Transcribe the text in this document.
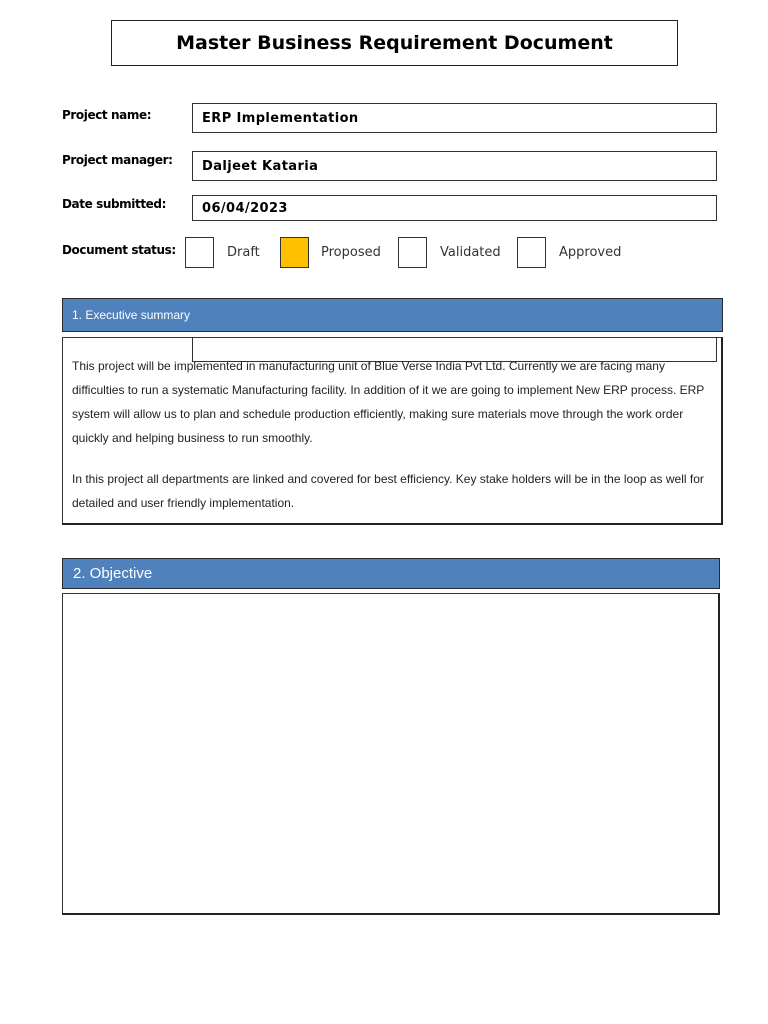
Master Business Requirement Document
Project name:	ERP Implementation
Project manager:	Daljeet Kataria
Date submitted:	06/04/2023
Document status:	Draft	Proposed	Validated	Approved
1. Executive summary

This project will be implemented in manufacturing unit of Blue Verse India Pvt Ltd. Currently we are facing many difficulties to run a systematic Manufacturing facility. In addition of it we are going to implement New ERP process. ERP system will allow us to plan and schedule production efficiently, making sure materials move through the work order quickly and helping business to run smoothly.

In this project all departments are linked and covered for best efficiency. Key stake holders will be in the loop as well for detailed and user friendly implementation.

2. Objective
